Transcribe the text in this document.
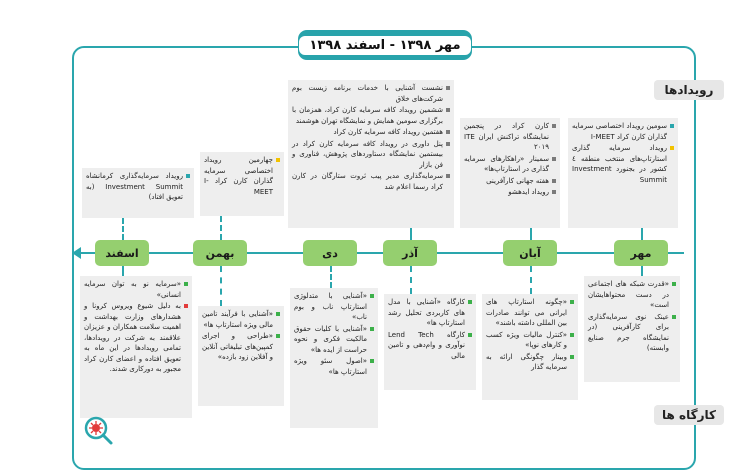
مهر ۱۳۹۸ - اسفند ۱۳۹۸
رویدادها
کارگاه ها
مهر
آبان
آذر
دی
بهمن
اسفند
سومین رویداد اختصاصی سرمایه گذاران کارن کراد I-MEET
رویداد سرمایه گذاری استارتاپ‌های منتخب منطقه ٤ کشور در بجنورد Investment Summit
کارن کراد در پنجمین نمایشگاه تراکنش ایران ITE ۲۰۱۹
سمینار «راهکارهای سرمایه گذاری در استارتاپ‌ها»
هفته جهانی کارآفرینی
رویداد ایدهشو
نشست آشنایی با خدمات برنامه زیست بوم شرکت‌های خلاق
ششمین رویداد کافه سرمایه کارن کراد، همزمان با برگزاری سومین همایش و نمایشگاه تهران هوشمند
هفتمین رویداد کافه سرمایه کارن کراد
پنل داوری در رویداد کافه سرمایه کارن کراد در بیستمین نمایشگاه دستاوردهای پژوهش، فناوری و فن بازار
سرمایه‌گذاری مدیر پیب ثروت ستارگان در کارن کراد رسما اعلام شد
چهارمین رویداد اختصاصی سرمایه گذاران کارن کراد I-MEET
رویداد سرمایه‌گذاری کرمانشاه Investment Summit (به تعویق افتاد)
«قدرت شبکه های اجتماعی در دست محتواهایشان است»
عینک نوی سرمایه‌گذاری برای کارآفرینی (در نمایشگاه جرم صنایع وابسته)
«چگونه استارتاپ های ایرانی می توانند صادرات بین المللی داشته باشند»
«کنترل مالیات ویژه کسب و کارهای نوپا»
وبینار چگونگی ارائه به سرمایه گذار
کارگاه «آشنایی با مدل های کاربردی تحلیل رشد استارتاپ ها»
کارگاه Lend Tech نوآوری و وام‌دهی و تامین مالی
«آشنایی با متدلوژی استارتاپ ناب و بوم ناب»
«آشنایی با کلیات حقوق مالکیت فکری و نحوه حراست از ایده ها»
«اصول سئو ویژه استارتاپ ها»
«آشنایی با فرآیند تامین مالی ویژه استارتاپ ها»
«طراحی و اجرای کمپین‌های تبلیغاتی آنلاین و آفلاین زود بازده»
«سرمایه نو به توان سرمایه انسانی»
به دلیل شیوع ویروس کرونا و هشدارهای وزارت بهداشت و اهمیت سلامت همکاران و عزیزان علاقمند به شرکت در رویدادها، تمامی رویدادها در این ماه به تعویق افتاده و اعضای کارن کراد مجبور به دورکاری شدند.
